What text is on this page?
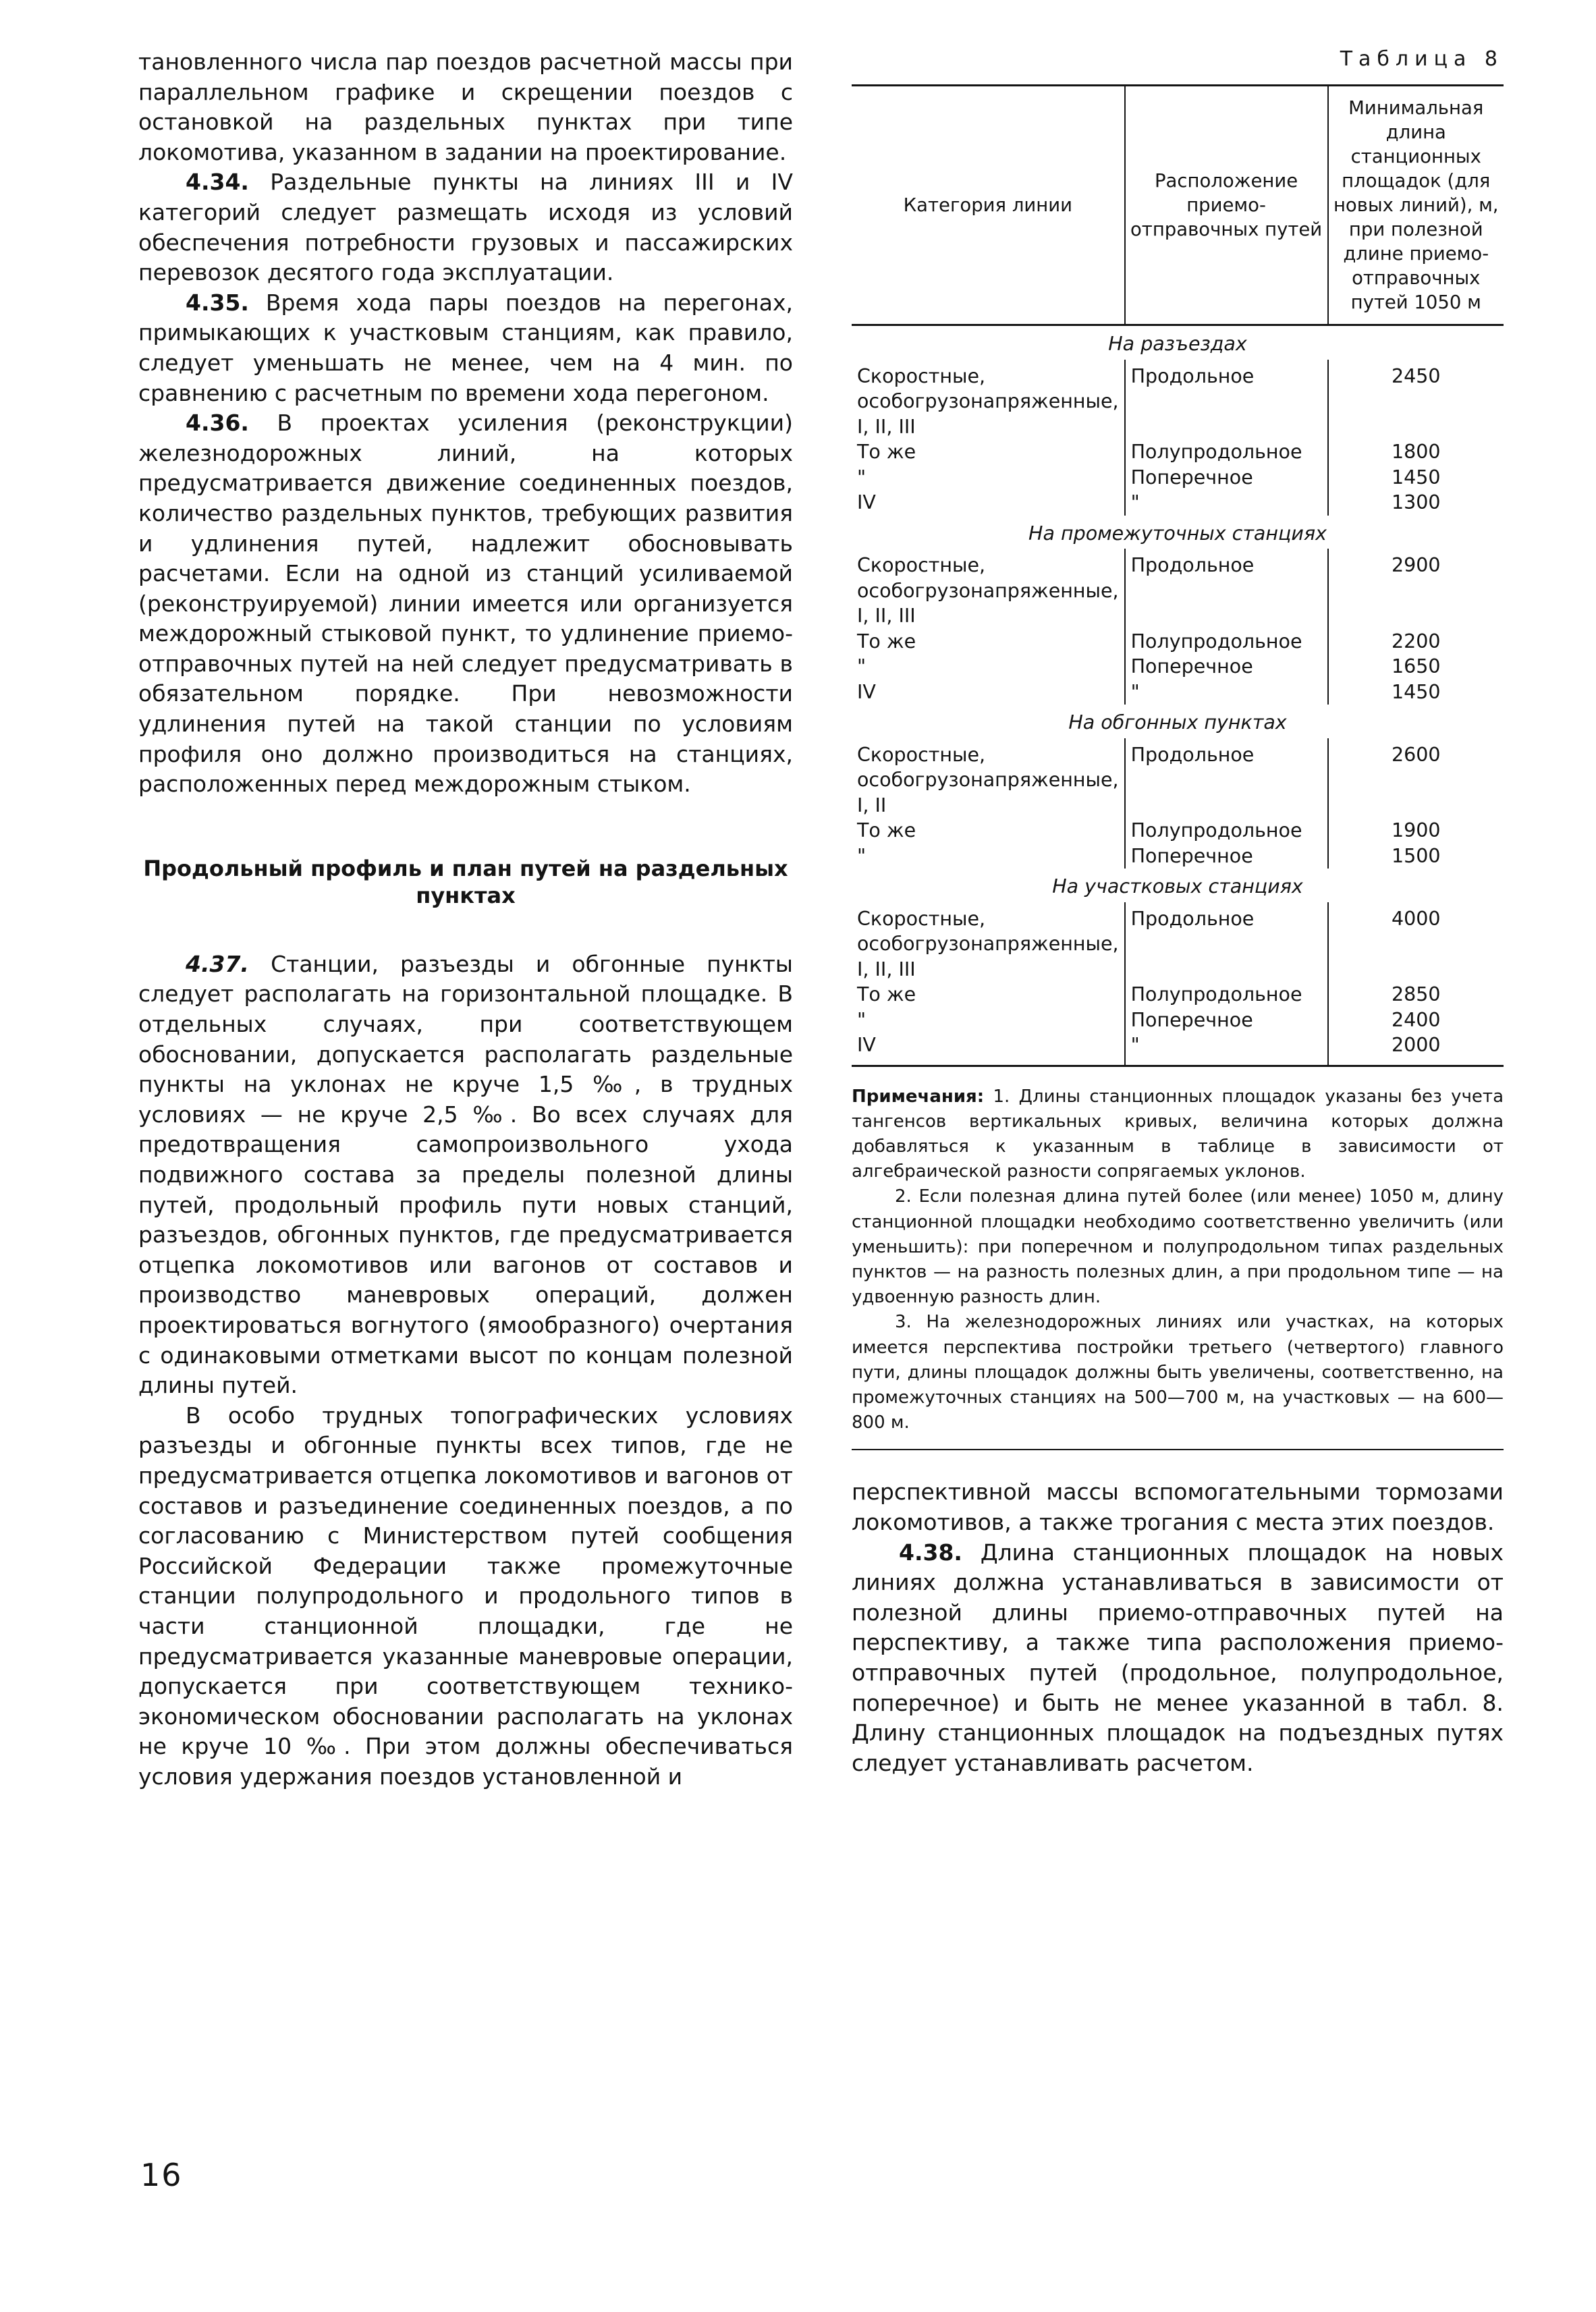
тановленного числа пар поездов расчетной массы при параллельном графике и скрещении поездов с остановкой на раздельных пунктах при типе локомотива, указанном в задании на проектирование.

4.34. Раздельные пункты на линиях III и IV категорий следует размещать исходя из условий обеспечения потребности грузовых и пассажирских перевозок десятого года эксплуатации.

4.35. Время хода пары поездов на перегонах, примыкающих к участковым станциям, как правило, следует уменьшать не менее, чем на 4 мин. по сравнению с расчетным по времени хода перегоном.

4.36. В проектах усиления (реконструкции) железнодорожных линий, на которых предусматривается движение соединенных поездов, количество раздельных пунктов, требующих развития и удлинения путей, надлежит обосновывать расчетами. Если на одной из станций усиливаемой (реконструируемой) линии имеется или организуется междорожный стыковой пункт, то удлинение приемо-отправочных путей на ней следует предусматривать в обязательном порядке. При невозможности удлинения путей на такой станции по условиям профиля оно должно производиться на станциях, расположенных перед междорожным стыком.

Продольный профиль и план путей на раздельных пунктах

4.37. Станции, разъезды и обгонные пункты следует располагать на горизонтальной площадке. В отдельных случаях, при соответствующем обосновании, допускается располагать раздельные пункты на уклонах не круче 1,5 ‰, в трудных условиях — не круче 2,5 ‰. Во всех случаях для предотвращения самопроизвольного ухода подвижного состава за пределы полезной длины путей, продольный профиль пути новых станций, разъездов, обгонных пунктов, где предусматривается отцепка локомотивов или вагонов от составов и производство маневровых операций, должен проектироваться вогнутого (ямообразного) очертания с одинаковыми отметками высот по концам полезной длины путей.

В особо трудных топографических условиях разъезды и обгонные пункты всех типов, где не предусматривается отцепка локомотивов и вагонов от составов и разъединение соединенных поездов, а по согласованию с Министерством путей сообщения Российской Федерации также промежуточные станции полупродольного и продольного типов в части станционной площадки, где не предусматривается указанные маневровые операции, допускается при соответствующем технико-экономическом обосновании располагать на уклонах не круче 10 ‰. При этом должны обеспечиваться условия удержания поездов установленной и

16
Таблица 8
Категория линии	Расположение приемо-отправочных путей	Минимальная длина станционных площадок (для новых линий), м, при полезной длине приемо-отправочных путей 1050 м
На разъездах		
Скоростные, особогрузонапряженные, I, II, III	Продольное	2450
То же	Полупродольное	1800
"	Поперечное	1450
IV	"	1300
На промежуточных станциях		
Скоростные, особогрузонапряженные, I, II, III	Продольное	2900
То же	Полупродольное	2200
"	Поперечное	1650
IV	"	1450
На обгонных пунктах		
Скоростные, особогрузонапряженные, I, II	Продольное	2600
То же	Полупродольное	1900
"	Поперечное	1500
На участковых станциях		
Скоростные, особогрузонапряженные, I, II, III	Продольное	4000
То же	Полупродольное	2850
"	Поперечное	2400
IV	"	2000

Примечания: 1. Длины станционных площадок указаны без учета тангенсов вертикальных кривых, величина которых должна добавляться к указанным в таблице в зависимости от алгебраической разности сопрягаемых уклонов.

2. Если полезная длина путей более (или менее) 1050 м, длину станционной площадки необходимо соответственно увеличить (или уменьшить): при поперечном и полупродольном типах раздельных пунктов — на разность полезных длин, а при продольном типе — на удвоенную разность длин.

3. На железнодорожных линиях или участках, на которых имеется перспектива постройки третьего (четвертого) главного пути, длины площадок должны быть увеличены, соответственно, на промежуточных станциях на 500—700 м, на участковых — на 600—800 м.

перспективной массы вспомогательными тормозами локомотивов, а также трогания с места этих поездов.

4.38. Длина станционных площадок на новых линиях должна устанавливаться в зависимости от полезной длины приемо-отправочных путей на перспективу, а также типа расположения приемо-отправочных путей (продольное, полупродольное, поперечное) и быть не менее указанной в табл. 8. Длину станционных площадок на подъездных путях следует устанавливать расчетом.
